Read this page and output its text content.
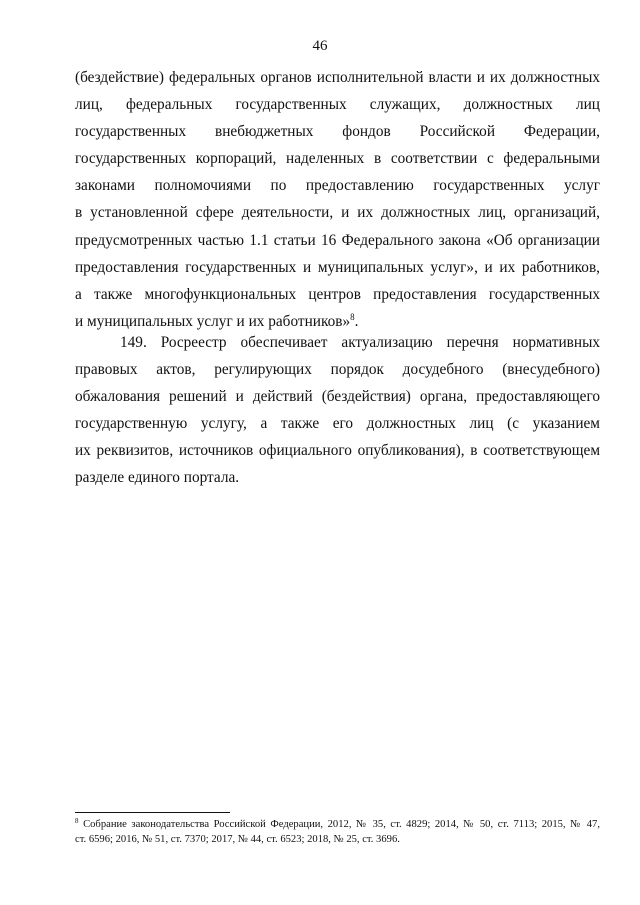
46
(бездействие) федеральных органов исполнительной власти и их должностных
лиц, федеральных государственных служащих, должностных лиц
государственных внебюджетных фондов Российской Федерации,
государственных корпораций, наделенных в соответствии с федеральными
законами полномочиями по предоставлению государственных услуг
в установленной сфере деятельности, и их должностных лиц, организаций,
предусмотренных частью 1.1 статьи 16 Федерального закона «Об организации
предоставления государственных и муниципальных услуг», и их работников,
а также многофункциональных центров предоставления государственных
и муниципальных услуг и их работников»$^8$.
149. Росреестр обеспечивает актуализацию перечня нормативных
правовых актов, регулирующих порядок досудебного (внесудебного)
обжалования решений и действий (бездействия) органа, предоставляющего
государственную услугу, а также его должностных лиц (с указанием
их реквизитов, источников официального опубликования), в соответствующем
разделе единого портала.
$^8$ Собрание законодательства Российской Федерации, 2012, № 35, ст. 4829; 2014, № 50, ст. 7113; 2015, № 47,
ст. 6596; 2016, № 51, ст. 7370; 2017, № 44, ст. 6523; 2018, № 25, ст. 3696.
